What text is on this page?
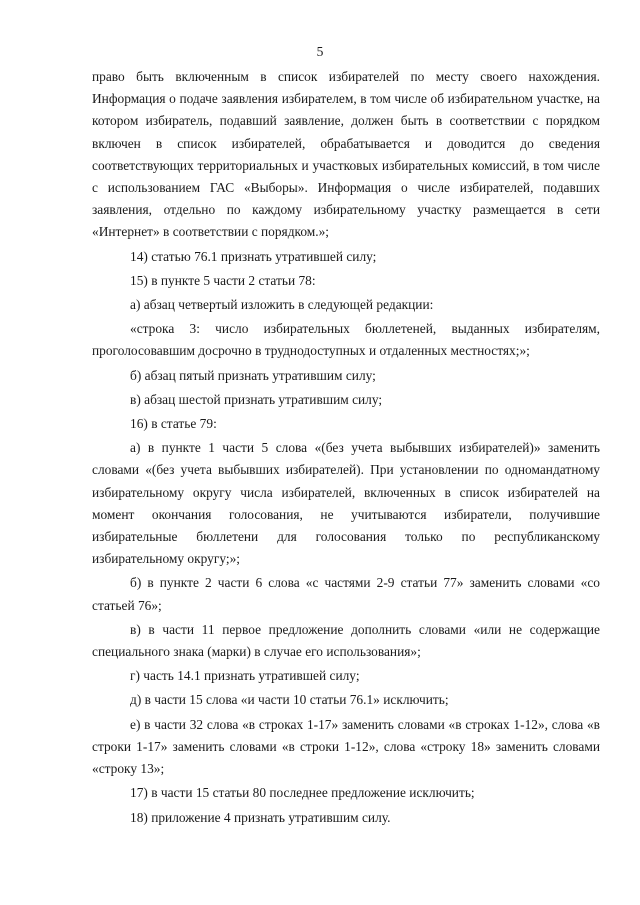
5

право быть включенным в список избирателей по месту своего нахождения. Информация о подаче заявления избирателем, в том числе об избирательном участке, на котором избиратель, подавший заявление, должен быть в соответствии с порядком включен в список избирателей, обрабатывается и доводится до сведения соответствующих территориальных и участковых избирательных комиссий, в том числе с использованием ГАС «Выборы». Информация о числе избирателей, подавших заявления, отдельно по каждому избирательному участку размещается в сети «Интернет» в соответствии с порядком.»;

14) статью 76.1 признать утратившей силу;

15) в пункте 5 части 2 статьи 78:

а) абзац четвертый изложить в следующей редакции:

«строка 3: число избирательных бюллетеней, выданных избирателям, проголосовавшим досрочно в труднодоступных и отдаленных местностях;»;

б) абзац пятый признать утратившим силу;

в) абзац шестой признать утратившим силу;

16) в статье 79:

а) в пункте 1 части 5 слова «(без учета выбывших избирателей)» заменить словами «(без учета выбывших избирателей). При установлении по одномандатному избирательному округу числа избирателей, включенных в список избирателей на момент окончания голосования, не учитываются избиратели, получившие избирательные бюллетени для голосования только по республиканскому избирательному округу;»;

б) в пункте 2 части 6 слова «с частями 2-9 статьи 77» заменить словами «со статьей 76»;

в) в части 11 первое предложение дополнить словами «или не содержащие специального знака (марки) в случае его использования»;

г) часть 14.1 признать утратившей силу;

д) в части 15 слова «и части 10 статьи 76.1» исключить;

е) в части 32 слова «в строках 1-17» заменить словами «в строках 1-12», слова «в строки 1-17» заменить словами «в строки 1-12», слова «строку 18» заменить словами «строку 13»;

17) в части 15 статьи 80 последнее предложение исключить;

18) приложение 4 признать утратившим силу.
